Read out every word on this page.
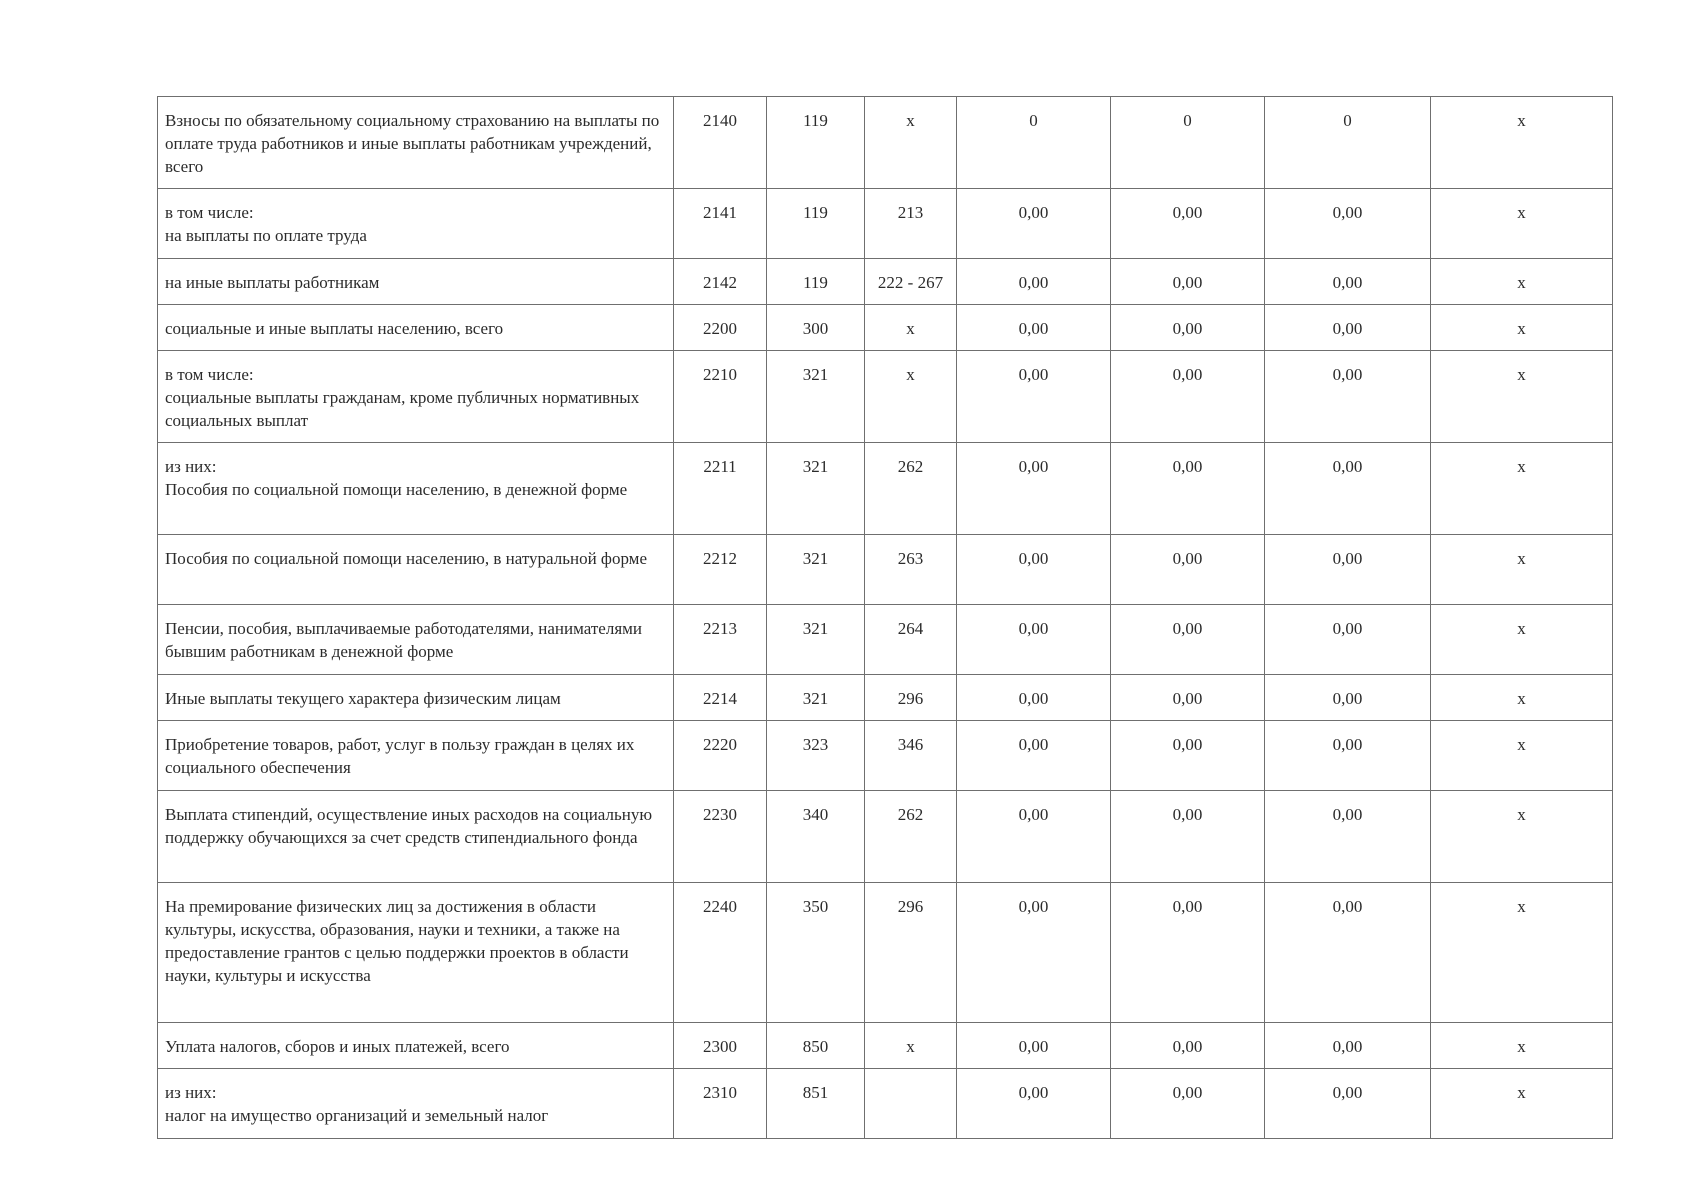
Взносы по обязательному социальному страхованию на выплаты по оплате труда работников и иные выплаты работникам учреждений, всего	2140	119	х	0	0	0	х
в том числе:
на выплаты по оплате труда	2141	119	213	0,00	0,00	0,00	х
на иные выплаты работникам	2142	119	222 - 267	0,00	0,00	0,00	х
социальные и иные выплаты населению, всего	2200	300	х	0,00	0,00	0,00	х
в том числе:
социальные выплаты гражданам, кроме публичных нормативных социальных выплат	2210	321	х	0,00	0,00	0,00	х
из них:
Пособия по социальной помощи населению, в денежной форме	2211	321	262	0,00	0,00	0,00	х
Пособия по социальной помощи населению, в натуральной форме	2212	321	263	0,00	0,00	0,00	х
Пенсии, пособия, выплачиваемые работодателями, нанимателями бывшим работникам в денежной форме	2213	321	264	0,00	0,00	0,00	х
Иные выплаты текущего характера физическим лицам	2214	321	296	0,00	0,00	0,00	х
Приобретение товаров, работ, услуг в пользу граждан в целях их социального обеспечения	2220	323	346	0,00	0,00	0,00	х
Выплата стипендий, осуществление иных расходов на социальную поддержку обучающихся за счет средств стипендиального фонда	2230	340	262	0,00	0,00	0,00	х
На премирование физических лиц за достижения в области культуры, искусства, образования, науки и техники, а также на предоставление грантов с целью поддержки проектов в области науки, культуры и искусства	2240	350	296	0,00	0,00	0,00	х
Уплата налогов, сборов и иных платежей, всего	2300	850	х	0,00	0,00	0,00	х
из них:
налог на имущество организаций и земельный налог	2310	851		0,00	0,00	0,00	х
